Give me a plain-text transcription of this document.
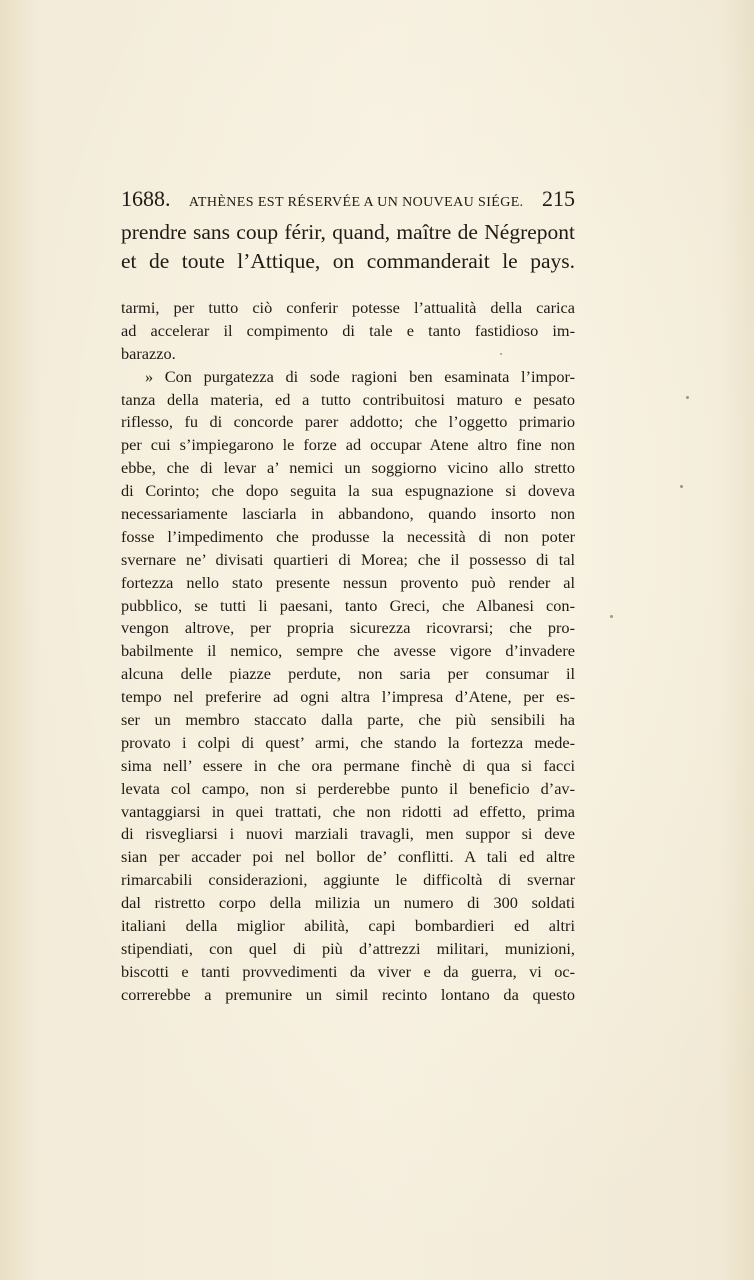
1688.	ATHÈNES EST RÉSERVÉE A UN NOUVEAU SIÉGE. 215

prendre sans coup férir, quand, maître de Négrepont

et de toute l’Attique, on commanderait le pays.

tarmi, per tutto ciò conferir potesse l’attualità della carica
ad accelerar il compimento di tale e tanto fastidioso im-
barazzo.
» Con purgatezza di sode ragioni ben esaminata l’impor-
tanza della materia, ed a tutto contribuitosi maturo e pesato
riflesso, fu di concorde parer addotto; che l’oggetto primario
per cui s’impiegarono le forze ad occupar Atene altro fine non
ebbe, che di levar a’ nemici un soggiorno vicino allo stretto
di Corinto; che dopo seguita la sua espugnazione si doveva
necessariamente lasciarla in abbandono, quando insorto non
fosse l’impedimento che produsse la necessità di non poter
svernare ne’ divisati quartieri di Morea; che il possesso di tal
fortezza nello stato presente nessun provento può render al
pubblico, se tutti li paesani, tanto Greci, che Albanesi con-
vengon altrove, per propria sicurezza ricovrarsi; che pro-
babilmente il nemico, sempre che avesse vigore d’invadere
alcuna delle piazze perdute, non saria per consumar il
tempo nel preferire ad ogni altra l’impresa d’Atene, per es-
ser un membro staccato dalla parte, che più sensibili ha
provato i colpi di quest’ armi, che stando la fortezza mede-
sima nell’ essere in che ora permane finchè di qua si facci
levata col campo, non si perderebbe punto il beneficio d’av-
vantaggiarsi in quei trattati, che non ridotti ad effetto, prima
di risvegliarsi i nuovi marziali travagli, men suppor si deve
sian per accader poi nel bollor de’ conflitti. A tali ed altre
rimarcabili considerazioni, aggiunte le difficoltà di svernar
dal ristretto corpo della milizia un numero di 300 soldati
italiani della miglior abilità, capi bombardieri ed altri
stipendiati, con quel di più d’attrezzi militari, munizioni,
biscotti e tanti provvedimenti da viver e da guerra, vi oc-
correrebbe a premunire un simil recinto lontano da questo
